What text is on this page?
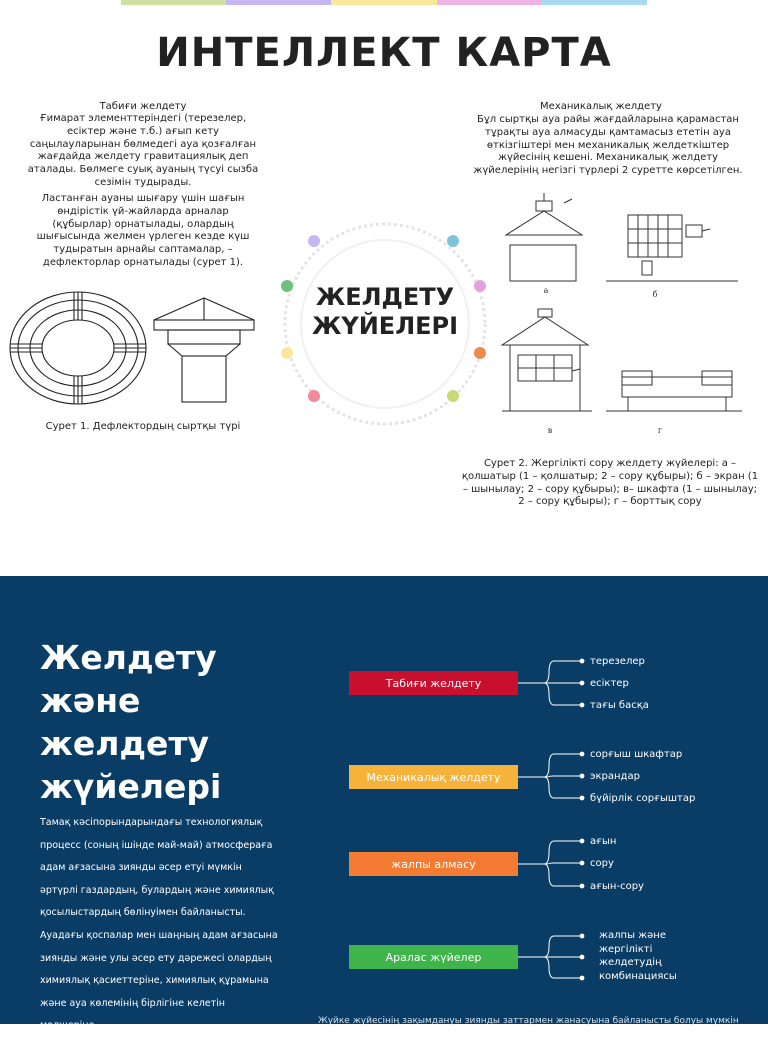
ИНТЕЛЛЕКТ КАРТА
Табиғи желдету
Ғимарат элементтеріндегі (терезелер, есіктер және т.б.) ағып кету саңылауларынан бөлмедегі ауа қозғалған жағдайда желдету гравитациялық деп аталады. Бөлмеге суық ауаның түсуі сызба сезімін тудырады.
Ластанған ауаны шығару үшін шағын өндірістік үй-жайларда арналар (құбырлар) орнатылады, олардың шығысында желмен үрлеген кезде күш тудыратын арнайы саптамалар, – дефлекторлар орнатылады (сурет 1).
Сурет 1. Дефлектордың сыртқы түрі
ЖЕЛДЕТУ
ЖҮЙЕЛЕРІ
Механикалық желдету
Бұл сыртқы ауа райы жағдайларына қарамастан тұрақты ауа алмасуды қамтамасыз ететін ауа өткізгіштері мен механикалық желдеткіштер жүйесінің кешені. Механикалық желдету жүйелерінің негізгі түрлері 2 суретте көрсетілген.
а	б
в	г
Сурет 2. Жергілікті сору желдету жүйелері: а – қолшатыр (1 – қолшатыр; 2 – сору құбыры); б – экран (1 – шынылау; 2 – сору құбыры); в– шкафта (1 – шынылау; 2 – сору құбыры); г – борттық сору
Желдету
және
желдету
жүйелері
Тамақ кәсіпорындарындағы технологиялық процесс (соның ішінде май-май) атмосфераға адам ағзасына зиянды әсер етуі мүмкін әртүрлі газдардың, булардың және химиялық қосылыстардың бөлінуімен байланысты. Ауадағы қоспалар мен шаңның адам ағзасына зиянды және улы әсер ету дәрежесі олардың химиялық қасиеттеріне, химиялық құрамына және ауа көлемінің бірлігіне келетін мөлшеріне
Табиғи желдету
терезелер
есіктер
тағы басқа
Механикалық желдету
сорғыш шкафтар
экрандар
бүйірлік сорғыштар
жалпы алмасу
ағын
сору
ағын-сору
Аралас жүйелер
жалпы және
жергілікті
желдетудің
комбинациясы
Жүйке жүйесінің зақымдануы зиянды заттармен жанасуына байланысты болуы мүмкін
